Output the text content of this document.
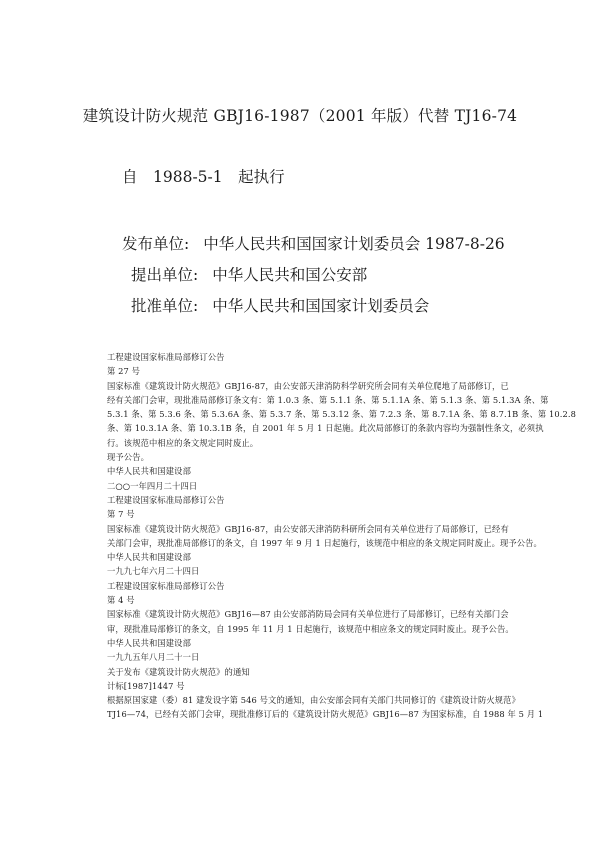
建筑设计防火规范 GBJ16-1987（2001 年版）代替 TJ16-74
自　1988-5-1　起执行
发布单位: 中华人民共和国国家计划委员会 1987-8-26
提出单位: 中华人民共和国公安部
批准单位: 中华人民共和国国家计划委员会
工程建设国家标准局部修订公告
第 27 号
国家标准《建筑设计防火规范》GBJ16-87，由公安部天津消防科学研究所会同有关单位爬地了局部修订，已
经有关部门会审，现批准局部修订条文有：第 1.0.3 条、第 5.1.1 条、第 5.1.1A 条、第 5.1.3 条、第 5.1.3A 条、第
5.3.1 条、第 5.3.6 条、第 5.3.6A 条、第 5.3.7 条、第 5.3.12 条、第 7.2.3 条、第 8.7.1A 条、第 8.7.1B 条、第 10.2.8
条、第 10.3.1A 条、第 10.3.1B 条，自 2001 年 5 月 1 日起施。此次局部修订的条款内容均为强制性条文，必须执
行。该规范中相应的条文规定同时废止。
现予公告。
中华人民共和国建设部
二○○一年四月二十四日
工程建设国家标准局部修订公告
第 7 号
国家标准《建筑设计防火规范》GBJ16-87，由公安部天津消防科研所会同有关单位进行了局部修订，已经有
关部门会审，现批准局部修订的条文，自 1997 年 9 月 1 日起施行，该规范中相应的条文规定同时废止。现予公告。
中华人民共和国建设部
一九九七年六月二十四日
工程建设国家标准局部修订公告
第 4 号
国家标准《建筑设计防火规范》GBJ16—87 由公安部消防局会同有关单位进行了局部修订，已经有关部门会
审，现批准局部修订的条文，自 1995 年 11 月 1 日起施行，该规范中相应条文的规定同时废止。现予公告。
中华人民共和国建设部
一九九五年八月二十一日
关于发布《建筑设计防火规范》的通知
计标[1987]1447 号
根据原国家建（委）81 建发设字第 546 号文的通知，由公安部会同有关部门共同修订的《建筑设计防火规范》
TJ16—74，已经有关部门会审，现批准修订后的《建筑设计防火规范》GBJ16—87 为国家标准，自 1988 年 5 月 1
